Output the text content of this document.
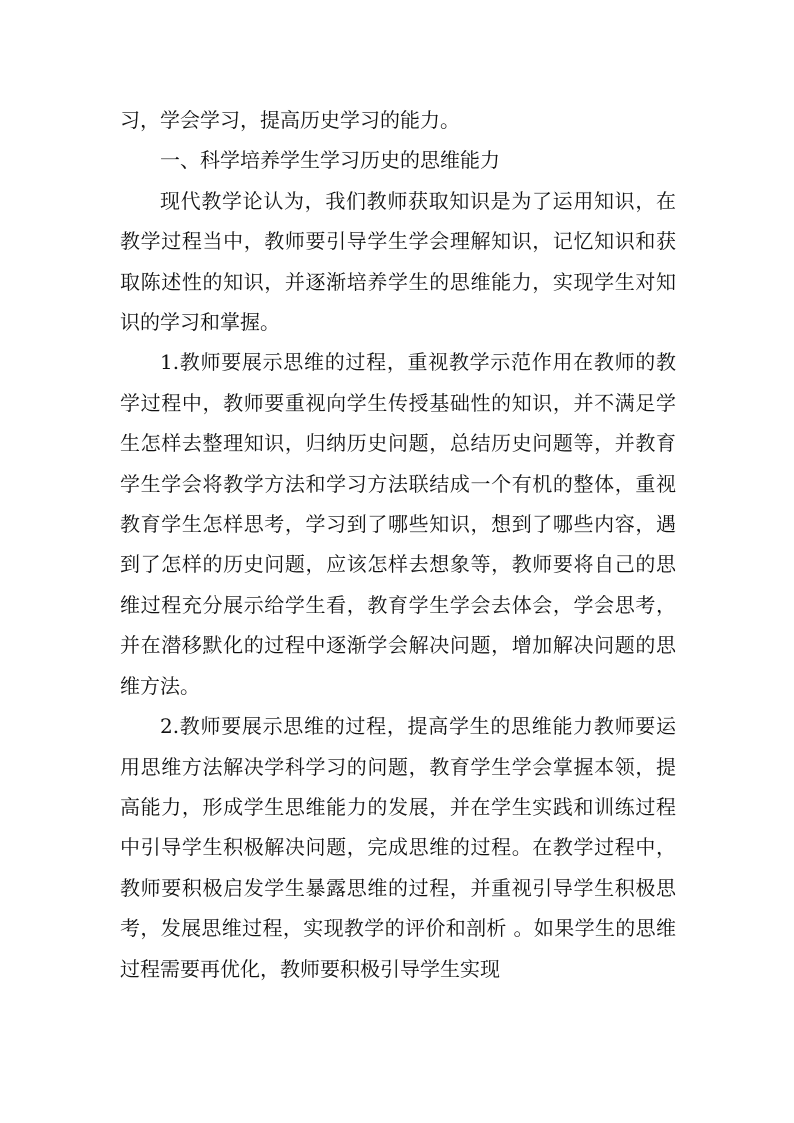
习，学会学习，提高历史学习的能力。

一、科学培养学生学习历史的思维能力

现代教学论认为，我们教师获取知识是为了运用知识，在教学过程当中，教师要引导学生学会理解知识，记忆知识和获取陈述性的知识，并逐渐培养学生的思维能力，实现学生对知识的学习和掌握。

1.教师要展示思维的过程，重视教学示范作用在教师的教学过程中，教师要重视向学生传授基础性的知识，并不满足学生怎样去整理知识，归纳历史问题，总结历史问题等，并教育学生学会将教学方法和学习方法联结成一个有机的整体，重视教育学生怎样思考，学习到了哪些知识，想到了哪些内容，遇到了怎样的历史问题，应该怎样去想象等，教师要将自己的思维过程充分展示给学生看，教育学生学会去体会，学会思考，并在潜移默化的过程中逐渐学会解决问题，增加解决问题的思维方法。

2.教师要展示思维的过程，提高学生的思维能力教师要运用思维方法解决学科学习的问题，教育学生学会掌握本领，提高能力，形成学生思维能力的发展，并在学生实践和训练过程中引导学生积极解决问题，完成思维的过程。在教学过程中，教师要积极启发学生暴露思维的过程，并重视引导学生积极思考，发展思维过程，实现教学的评价和剖析 。如果学生的思维过程需要再优化，教师要积极引导学生实现
